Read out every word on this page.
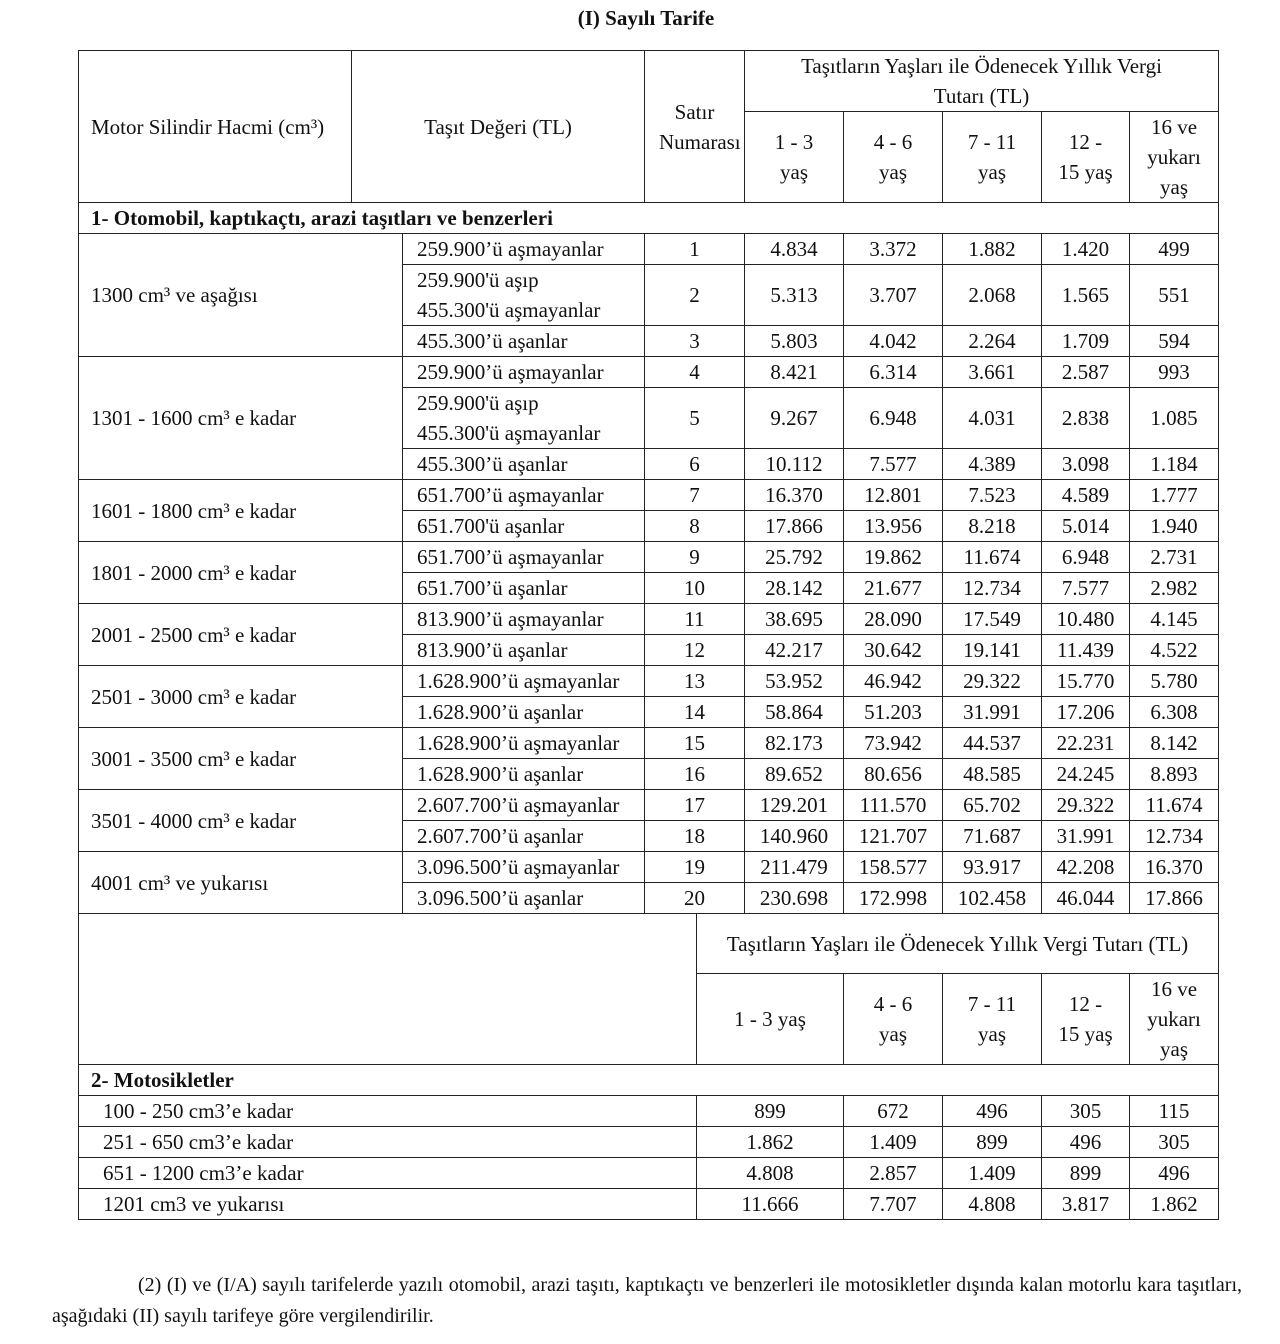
(I) Sayılı Tarife
Motor Silindir Hacmi (cm³)	Taşıt Değeri (TL)		Satır Numarası		Taşıtların Yaşları ile Ödenecek Yıllık Vergi Tutarı (TL)				
					1 - 3 yaş	4 - 6 yaş	7 - 11 yaş	12 - 15 yaş	16 ve yukarı yaş
1- Otomobil, kaptıkaçtı, arazi taşıtları ve benzerleri									
1300 cm³ ve aşağısı		259.900’ü aşmayanlar	1		4.834	3.372	1.882	1.420	499
		259.900'ü aşıp 455.300'ü aşmayanlar	2		5.313	3.707	2.068	1.565	551
		455.300’ü aşanlar	3		5.803	4.042	2.264	1.709	594
1301 - 1600 cm³ e kadar		259.900’ü aşmayanlar	4		8.421	6.314	3.661	2.587	993
		259.900'ü aşıp 455.300'ü aşmayanlar	5		9.267	6.948	4.031	2.838	1.085
		455.300’ü aşanlar	6		10.112	7.577	4.389	3.098	1.184
1601 - 1800 cm³ e kadar		651.700’ü aşmayanlar	7		16.370	12.801	7.523	4.589	1.777
		651.700'ü aşanlar	8		17.866	13.956	8.218	5.014	1.940
1801 - 2000 cm³ e kadar		651.700’ü aşmayanlar	9		25.792	19.862	11.674	6.948	2.731
		651.700’ü aşanlar	10		28.142	21.677	12.734	7.577	2.982
2001 - 2500 cm³ e kadar		813.900’ü aşmayanlar	11		38.695	28.090	17.549	10.480	4.145
		813.900’ü aşanlar	12		42.217	30.642	19.141	11.439	4.522
2501 - 3000 cm³ e kadar		1.628.900’ü aşmayanlar	13		53.952	46.942	29.322	15.770	5.780
		1.628.900’ü aşanlar	14		58.864	51.203	31.991	17.206	6.308
3001 - 3500 cm³ e kadar		1.628.900’ü aşmayanlar	15		82.173	73.942	44.537	22.231	8.142
		1.628.900’ü aşanlar	16		89.652	80.656	48.585	24.245	8.893
3501 - 4000 cm³ e kadar		2.607.700’ü aşmayanlar	17		129.201	111.570	65.702	29.322	11.674
		2.607.700’ü aşanlar	18		140.960	121.707	71.687	31.991	12.734
4001 cm³ ve yukarısı		3.096.500’ü aşmayanlar	19		211.479	158.577	93.917	42.208	16.370
		3.096.500’ü aşanlar	20		230.698	172.998	102.458	46.044	17.866
				Taşıtların Yaşları ile Ödenecek Yıllık Vergi Tutarı (TL)					
				1 - 3 yaş		4 - 6 yaş	7 - 11 yaş	12 - 15 yaş	16 ve yukarı yaş
2- Motosikletler									
100 - 250 cm3’e kadar				899		672	496	305	115
251 - 650 cm3’e kadar				1.862		1.409	899	496	305
651 - 1200 cm3’e kadar				4.808		2.857	1.409	899	496
1201 cm3 ve yukarısı				11.666		7.707	4.808	3.817	1.862
(2) (I) ve (I/A) sayılı tarifelerde yazılı otomobil, arazi taşıtı, kaptıkaçtı ve benzerleri ile motosikletler dışında kalan motorlu kara taşıtları, aşağıdaki (II) sayılı tarifeye göre vergilendirilir.
